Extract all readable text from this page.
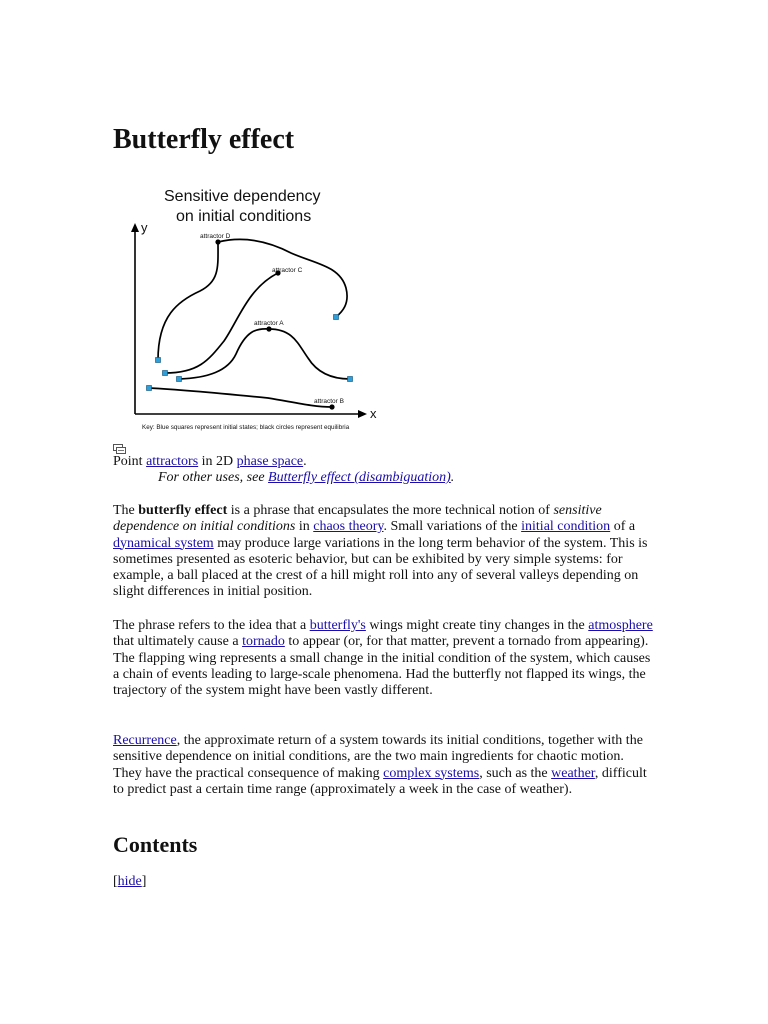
Butterfly effect
Sensitive dependency
on initial conditions
y
x
attractor D
attractor C
attractor A
attractor B
Key: Blue squares represent initial states; black circles represent equilibria
Point attractors in 2D phase space.
For other uses, see Butterfly effect (disambiguation).

The butterfly effect is a phrase that encapsulates the more technical notion of sensitive dependence on initial conditions in chaos theory. Small variations of the initial condition of a dynamical system may produce large variations in the long term behavior of the system. This is sometimes presented as esoteric behavior, but can be exhibited by very simple systems: for example, a ball placed at the crest of a hill might roll into any of several valleys depending on slight differences in initial position.

The phrase refers to the idea that a butterfly's wings might create tiny changes in the atmosphere that ultimately cause a tornado to appear (or, for that matter, prevent a tornado from appearing). The flapping wing represents a small change in the initial condition of the system, which causes a chain of events leading to large-scale phenomena. Had the butterfly not flapped its wings, the trajectory of the system might have been vastly different.

Recurrence, the approximate return of a system towards its initial conditions, together with the sensitive dependence on initial conditions, are the two main ingredients for chaotic motion. They have the practical consequence of making complex systems, such as the weather, difficult to predict past a certain time range (approximately a week in the case of weather).

Contents
[hide]
